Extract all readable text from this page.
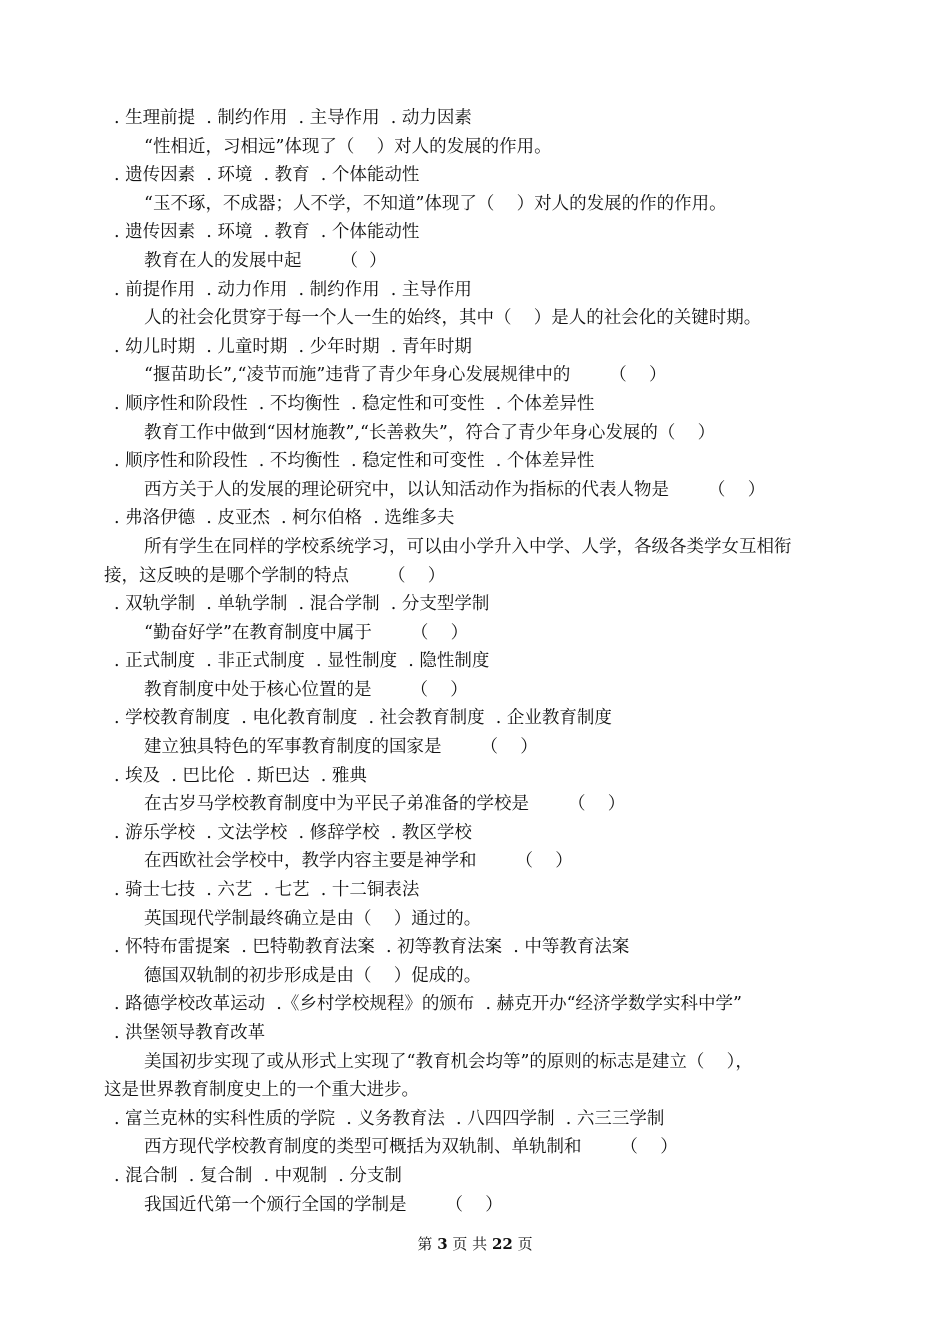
. 生理前提  . 制约作用  . 主导作用  . 动力因素
“性相近，习相远”体现了（    ）对人的发展的作用。
. 遗传因素  . 环境  . 教育  . 个体能动性
“玉不琢，不成器；人不学，不知道”体现了（    ）对人的发展的作的作用。
. 遗传因素  . 环境  . 教育  . 个体能动性
教育在人的发展中起       （  ）
. 前提作用  . 动力作用  . 制约作用  . 主导作用
人的社会化贯穿于每一个人一生的始终，其中（    ）是人的社会化的关键时期。
. 幼儿时期  . 儿童时期  . 少年时期  . 青年时期
“揠苗助长”,“凌节而施”违背了青少年身心发展规律中的       （    ）
. 顺序性和阶段性  . 不均衡性  . 稳定性和可变性  . 个体差异性
教育工作中做到“因材施教”,“长善救失”，符合了青少年身心发展的（    ）
. 顺序性和阶段性  . 不均衡性  . 稳定性和可变性  . 个体差异性
西方关于人的发展的理论研究中，以认知活动作为指标的代表人物是       （    ）
. 弗洛伊德  . 皮亚杰  . 柯尔伯格  . 选维多夫
所有学生在同样的学校系统学习，可以由小学升入中学、人学，各级各类学女互相衔
接，这反映的是哪个学制的特点       （    ）
. 双轨学制  . 单轨学制  . 混合学制  . 分支型学制
“勤奋好学”在教育制度中属于       （    ）
. 正式制度  . 非正式制度  . 显性制度  . 隐性制度
教育制度中处于核心位置的是       （    ）
. 学校教育制度  . 电化教育制度  . 社会教育制度  . 企业教育制度
建立独具特色的军事教育制度的国家是       （    ）
. 埃及  . 巴比伦  . 斯巴达  . 雅典
在古岁马学校教育制度中为平民子弟准备的学校是       （    ）
. 游乐学校  . 文法学校  . 修辞学校  . 教区学校
在西欧社会学校中，教学内容主要是神学和       （    ）
. 骑士七技  . 六艺  . 七艺  . 十二铜表法
英国现代学制最终确立是由（    ）通过的。
. 怀特布雷提案  . 巴特勒教育法案  . 初等教育法案  . 中等教育法案
德国双轨制的初步形成是由（    ）促成的。
. 路德学校改革运动  .《乡村学校规程》的颁布  . 赫克开办“经济学数学实科中学”
. 洪堡领导教育改革
美国初步实现了或从形式上实现了“教育机会均等”的原则的标志是建立（    ），
这是世界教育制度史上的一个重大进步。
. 富兰克林的实科性质的学院  . 义务教育法  . 八四四学制  . 六三三学制
西方现代学校教育制度的类型可概括为双轨制、单轨制和       （    ）
. 混合制  . 复合制  . 中观制  . 分支制
我国近代第一个颁行全国的学制是       （    ）
第 3 页 共 22 页
